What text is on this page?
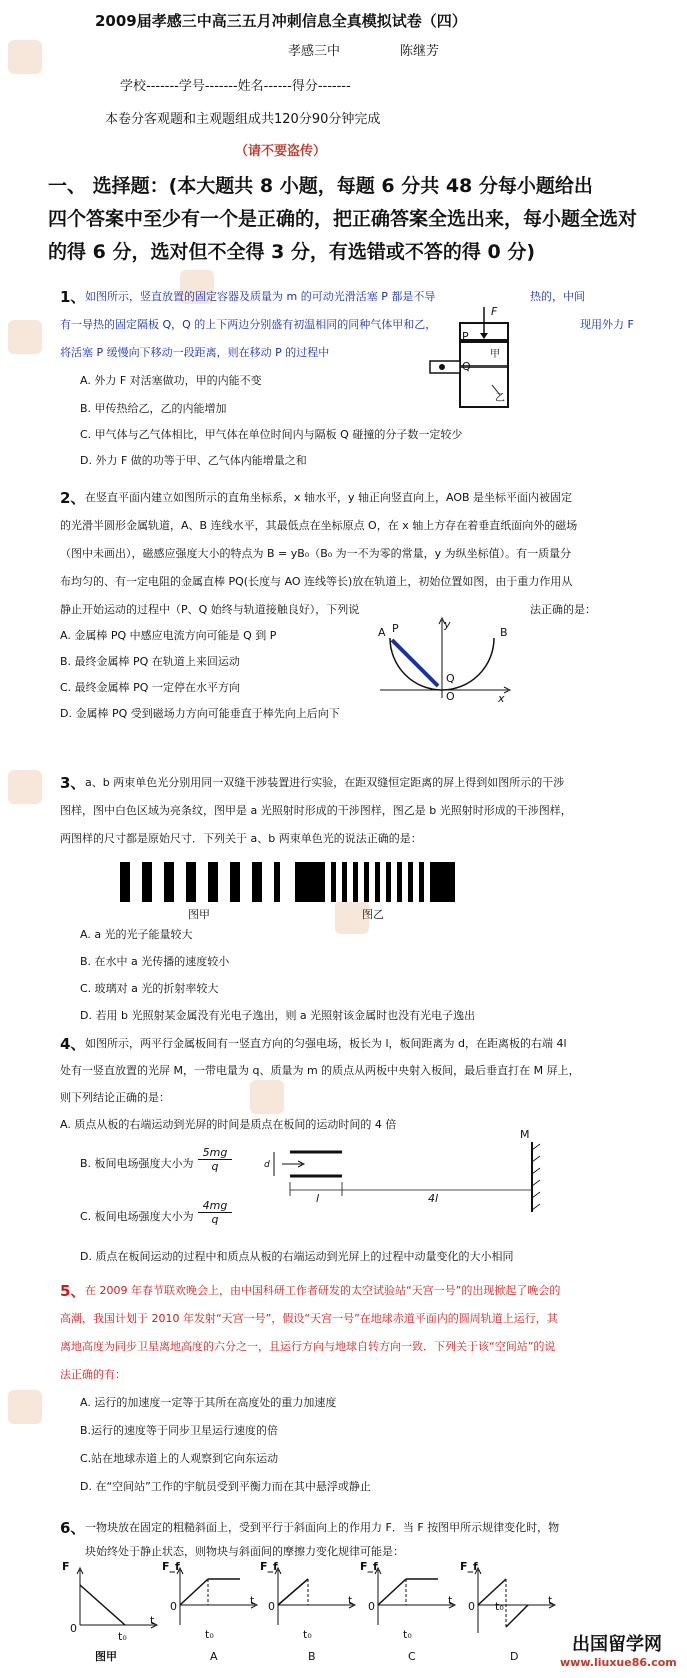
2009届孝感三中高三五月冲刺信息全真模拟试卷（四）
孝感三中	陈继芳
学校-------学号-------姓名------得分-------
本卷分客观题和主观题组成共120分90分钟完成
（请不要盗传）
一、 选择题：(本大题共 8 小题，每题 6 分共 48 分每小题给出
四个答案中至少有一个是正确的，把正确答案全选出来，每小题全选对
的得 6 分，选对但不全得 3 分，有选错或不答的得 0 分)
1、 如图所示，竖直放置的固定容器及质量为 m 的可动光滑活塞 P 都是不导	热的，中间
有一导热的固定隔板 Q，Q 的上下两边分别盛有初温相同的同种气体甲和乙，	现用外力 F
将活塞 P 缓慢向下移动一段距离，则在移动 P 的过程中
A. 外力 F 对活塞做功，甲的内能不变
B. 甲传热给乙，乙的内能增加
C. 甲气体与乙气体相比，甲气体在单位时间内与隔板 Q 碰撞的分子数一定较少
D. 外力 F 做的功等于甲、乙气体内能增量之和
F
P
甲
Q
乙
2、 在竖直平面内建立如图所示的直角坐标系，x 轴水平，y 轴正向竖直向上，AOB 是坐标平面内被固定
的光滑半圆形金属轨道，A、B 连线水平，其最低点在坐标原点 O，在 x 轴上方存在着垂直纸面向外的磁场
（图中未画出），磁感应强度大小的特点为 B = yB₀（B₀ 为一不为零的常量，y 为纵坐标值）。有一质量分
布均匀的、有一定电阻的金属直棒 PQ(长度与 AO 连线等长)放在轨道上，初始位置如图，由于重力作用从
静止开始运动的过程中（P、Q 始终与轨道接触良好），下列说	法正确的是：
A. 金属棒 PQ 中感应电流方向可能是 Q 到 P
B. 最终金属棒 PQ 在轨道上来回运动
C. 最终金属棒 PQ 一定停在水平方向
D. 金属棒 PQ 受到磁场力方向可能垂直于棒先向上后向下
A	B
P
Q
O	x
y
3、 a、b 两束单色光分别用同一双缝干涉装置进行实验，在距双缝恒定距离的屏上得到如图所示的干涉
图样，图中白色区域为亮条纹，图甲是 a 光照射时形成的干涉图样，图乙是 b 光照射时形成的干涉图样，
两图样的尺寸都是原始尺寸．下列关于 a、b 两束单色光的说法正确的是：
图甲	图乙
A. a 光的光子能量较大
B. 在水中 a 光传播的速度较小
C. 玻璃对 a 光的折射率较大
D. 若用 b 光照射某金属没有光电子逸出，则 a 光照射该金属时也没有光电子逸出
4、 如图所示，两平行金属板间有一竖直方向的匀强电场，板长为 l，板间距离为 d，在距离板的右端 4l
处有一竖直放置的光屏 M，一带电量为 q、质量为 m 的质点从两板中央射入板间，最后垂直打在 M 屏上，
则下列结论正确的是：
A. 质点从板的右端运动到光屏的时间是质点在板间的运动时间的 4 倍
B. 板间电场强度大小为 $\frac{5mg}{q}$
C. 板间电场强度大小为 $\frac{4mg}{q}$
D. 质点在板间运动的过程中和质点从板的右端运动到光屏上的过程中动量变化的大小相同
M
d
l	4l
5、 在 2009 年春节联欢晚会上，由中国科研工作者研发的太空试验站“天宫一号”的出现掀起了晚会的
高潮，我国计划于 2010 年发射“天宫一号”，假设“天宫一号”在地球赤道平面内的圆周轨道上运行，其
离地高度为同步卫星离地高度的六分之一，且运行方向与地球自转方向一致．下列关于该“空间站”的说
法正确的有：
A. 运行的加速度一定等于其所在高度处的重力加速度
B.运行的速度等于同步卫星运行速度的倍
C.站在地球赤道上的人观察到它向东运动
D. 在“空间站”工作的宇航员受到平衡力而在其中悬浮或静止
6、 一物块放在固定的粗糙斜面上，受到平行于斜面向上的作用力 F．当 F 按图甲所示规律变化时，物
块始终处于静止状态，则物块与斜面间的摩擦力变化规律可能是：
F
0
t
t₀
图甲
F_f
0	t
t₀
A
F_f
0	t
t₀
B
F_f
0	t
t₀
C
F_f
0	t
t₀
D
出国留学网
www.liuxue86.com
